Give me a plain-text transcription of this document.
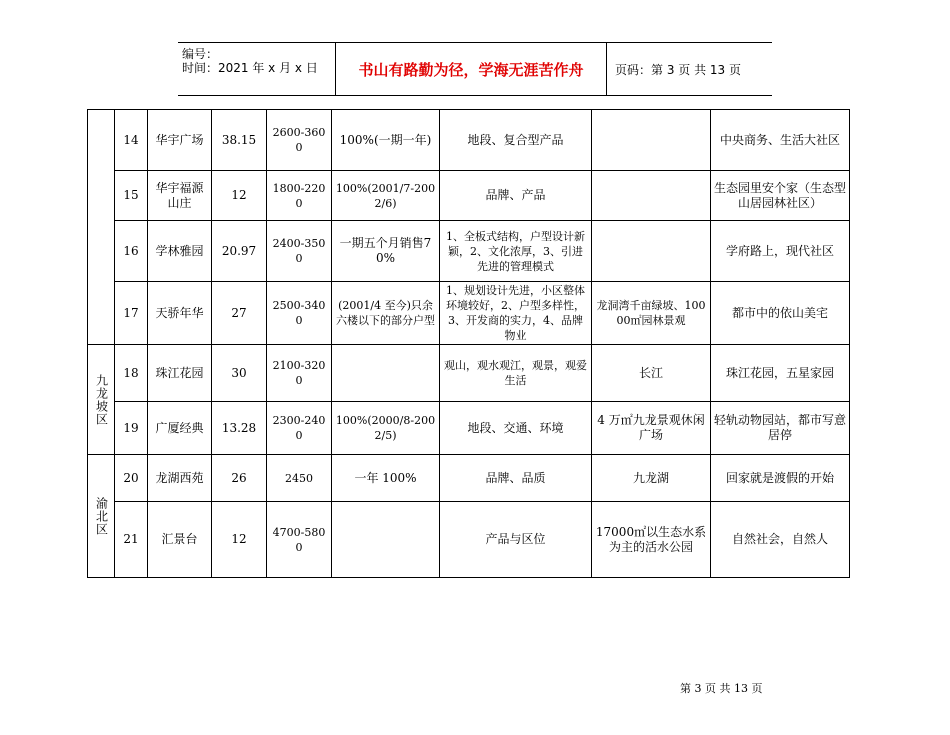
编号：
时间：2021 年 x 月 x 日	书山有路勤为径，学海无涯苦作舟	页码：第 3 页 共 13 页
	14	华宇广场	38.15	2600-3600	100%(一期一年)	地段、复合型产品		中央商务、生活大社区
	15	华宇福源山庄	12	1800-2200	100%(2001/7-2002/6)	品牌、产品		生态园里安个家（生态型山居园林社区）
	16	学林雅园	20.97	2400-3500	一期五个月销售70%	1、全板式结构，户型设计新颖，2、文化浓厚，3、引进先进的管理模式		学府路上，现代社区
	17	天骄年华	27	2500-3400	(2001/4 至今)只余六楼以下的部分户型	1、规划设计先进，小区整体环境较好，2、户型多样性，3、开发商的实力，4、品牌物业	龙洞湾千亩绿坡、10000㎡园林景观	都市中的依山美宅
九龙坡区	18	珠江花园	30	2100-3200		观山，观水观江，观景，观爱生活	长江	珠江花园，五星家园
	19	广厦经典	13.28	2300-2400	100%(2000/8-2002/5)	地段、交通、环境	4 万㎡九龙景观休闲广场	轻轨动物园站，都市写意居停
渝北区	20	龙湖西苑	26	2450	一年 100%	品牌、品质	九龙湖	回家就是渡假的开始
	21	汇景台	12	4700-5800		产品与区位	17000㎡以生态水系为主的活水公园	自然社会，自然人
第 3 页 共 13 页
